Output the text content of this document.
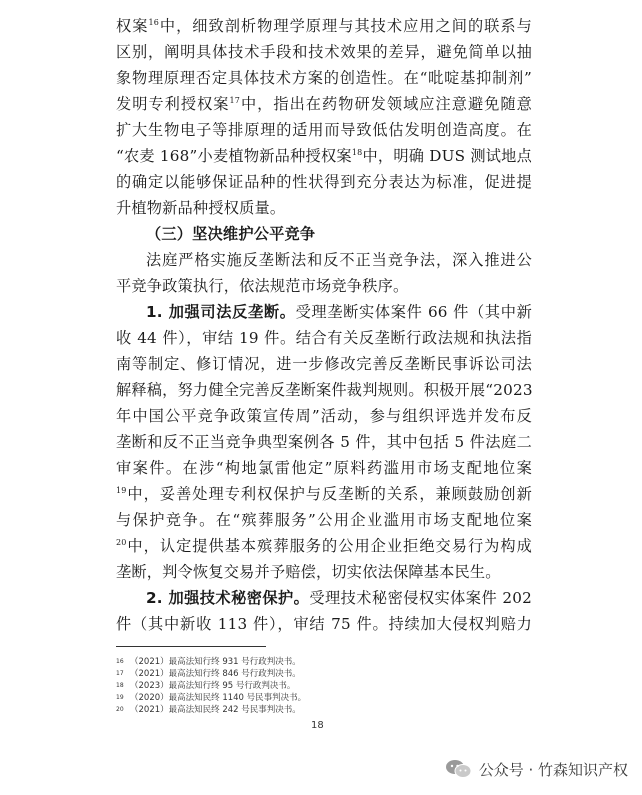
权案$^{16}$中，细致剖析物理学原理与其技术应用之间的联系与
区别，阐明具体技术手段和技术效果的差异，避免简单以抽
象物理原理否定具体技术方案的创造性。在“吡啶基抑制剂”
发明专利授权案$^{17}$中，指出在药物研发领域应注意避免随意
扩大生物电子等排原理的适用而导致低估发明创造高度。在
“农麦 168”小麦植物新品种授权案$^{18}$中，明确 DUS 测试地点
的确定以能够保证品种的性状得到充分表达为标准，促进提
升植物新品种授权质量。
（三）坚决维护公平竞争
法庭严格实施反垄断法和反不正当竞争法，深入推进公
平竞争政策执行，依法规范市场竞争秩序。
1. 加强司法反垄断。受理垄断实体案件 66 件（其中新
收 44 件），审结 19 件。结合有关反垄断行政法规和执法指
南等制定、修订情况，进一步修改完善反垄断民事诉讼司法
解释稿，努力健全完善反垄断案件裁判规则。积极开展“2023
年中国公平竞争政策宣传周”活动，参与组织评选并发布反
垄断和反不正当竞争典型案例各 5 件，其中包括 5 件法庭二
审案件。在涉“枸地氯雷他定”原料药滥用市场支配地位案
$^{19}$中，妥善处理专利权保护与反垄断的关系，兼顾鼓励创新
与保护竞争。在“殡葬服务”公用企业滥用市场支配地位案
$^{20}$中，认定提供基本殡葬服务的公用企业拒绝交易行为构成
垄断，判令恢复交易并予赔偿，切实依法保障基本民生。
16 （2021）最高法知行终 931 号行政判决书。
17 （2021）最高法知行终 846 号行政判决书。
18 （2023）最高法知行终 95 号行政判决书。
19 （2020）最高法知民终 1140 号民事判决书。
20 （2021）最高法知民终 242 号民事判决书。
18
公众号 · 竹森知识产权
2. 加强技术秘密保护。受理技术秘密侵权实体案件 202
件（其中新收 113 件），审结 75 件。持续加大侵权判赔力
